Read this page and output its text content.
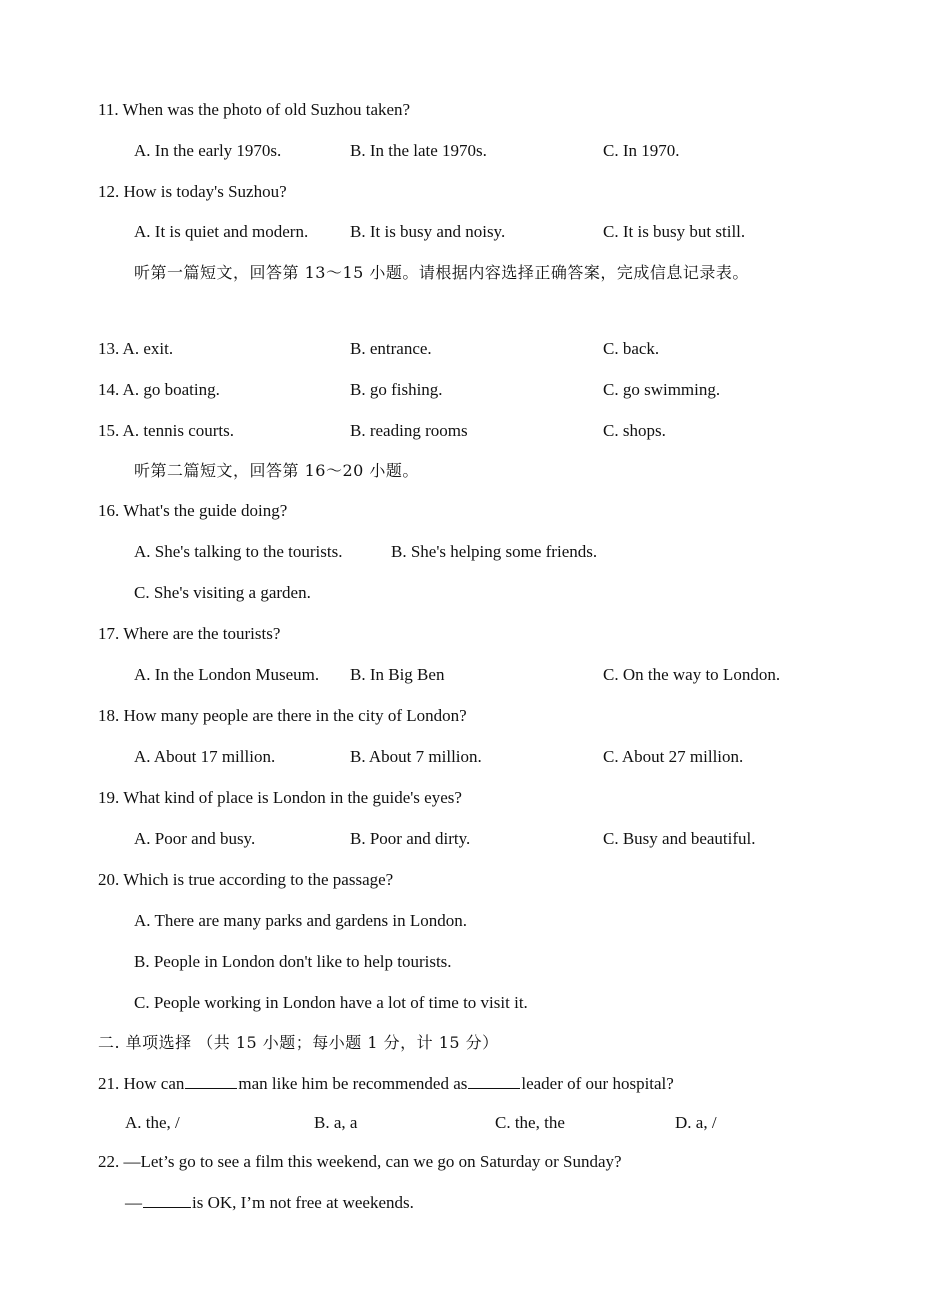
11. When was the photo of old Suzhou taken?
A. In the early 1970s.	B. In the late 1970s.	C. In 1970.
12. How is today's Suzhou?
A. It is quiet and modern. B. It is busy and noisy.	C. It is busy but still.
听第一篇短文，回答第 13～15 小题。请根据内容选择正确答案，完成信息记录表。
13. A. exit.	B. entrance.	C. back.
14. A. go boating.	B. go fishing.	C. go swimming.
15. A. tennis courts.	B. reading rooms	C. shops.
听第二篇短文，回答第 16～20 小题。
16. What's the guide doing?
A. She's talking to the tourists.	B. She's helping some friends.
C. She's visiting a garden.
17. Where are the tourists?
A. In the London Museum. B. In Big Ben	C. On the way to London.
18. How many people are there in the city of London?
A. About 17 million.	B. About 7 million.	C. About 27 million.
19. What kind of place is London in the guide's eyes?
A. Poor and busy.	B. Poor and dirty.	C. Busy and beautiful.
20. Which is true according to the passage?
A. There are many parks and gardens in London.
B. People in London don't like to help tourists.
C. People working in London have a lot of time to visit it.
二. 单项选择 （共 15 小题；每小题 1 分，计 15 分）
21. How can	man like him be recommended as	leader of our hospital?
A. the, /	B. a, a	C. the, the	D. a, /
22. —Let’s go to see a film this weekend, can we go on Saturday or Sunday?
—	is OK, I’m not free at weekends.
